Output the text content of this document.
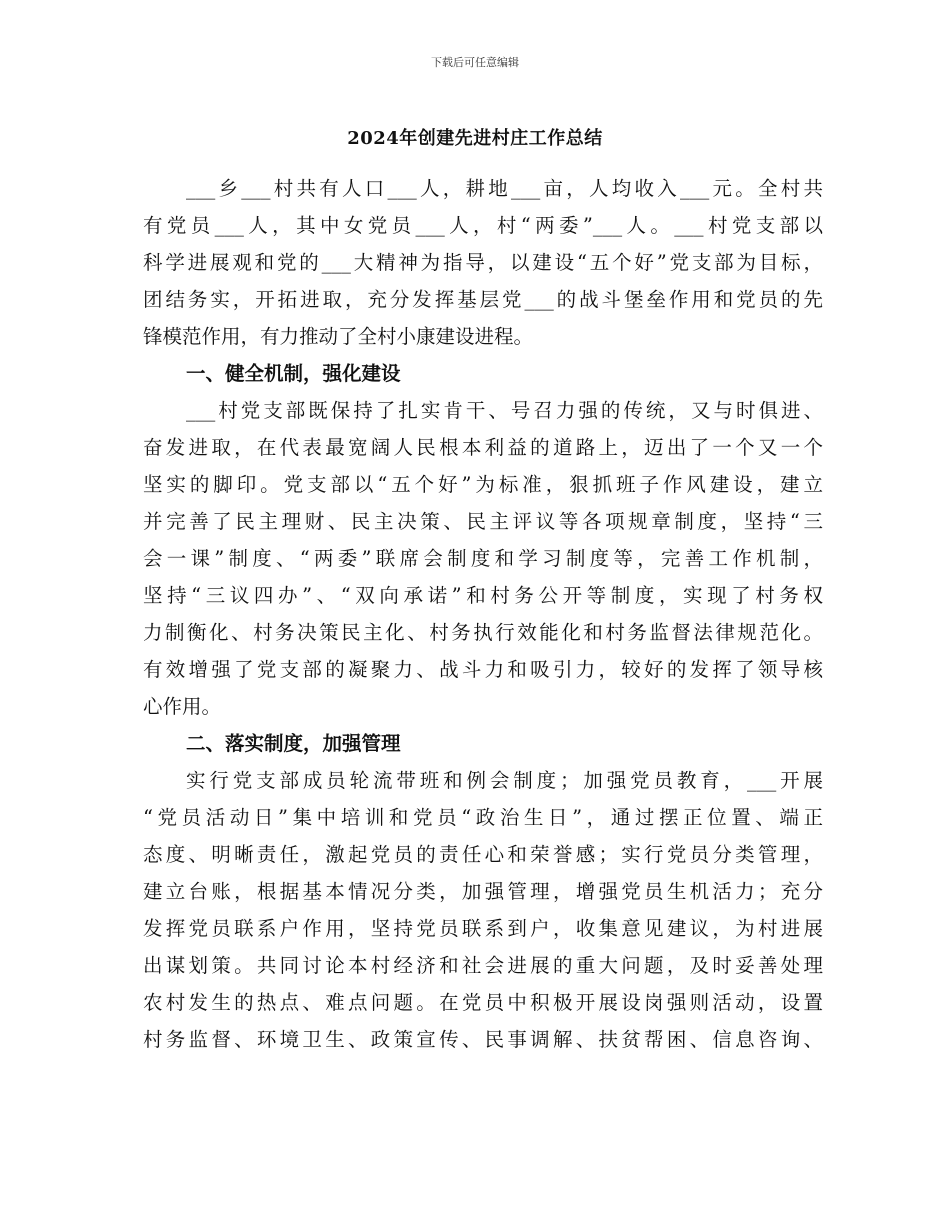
下载后可任意编辑
2024年创建先进村庄工作总结
___乡___村共有人口___人，耕地___亩，人均收入___元。全村共
有党员___人，其中女党员___人，村“两委”___人。___村党支部以
科学进展观和党的___大精神为指导，以建设“五个好”党支部为目标，
团结务实，开拓进取，充分发挥基层党___的战斗堡垒作用和党员的先
锋模范作用，有力推动了全村小康建设进程。
一、健全机制，强化建设
___村党支部既保持了扎实肯干、号召力强的传统，又与时俱进、
奋发进取，在代表最宽阔人民根本利益的道路上，迈出了一个又一个
坚实的脚印。党支部以“五个好”为标准，狠抓班子作风建设，建立
并完善了民主理财、民主决策、民主评议等各项规章制度，坚持“三
会一课”制度、“两委”联席会制度和学习制度等，完善工作机制，
坚持“三议四办”、“双向承诺”和村务公开等制度，实现了村务权
力制衡化、村务决策民主化、村务执行效能化和村务监督法律规范化。
有效增强了党支部的凝聚力、战斗力和吸引力，较好的发挥了领导核
心作用。
二、落实制度，加强管理
实行党支部成员轮流带班和例会制度；加强党员教育，___开展
“党员活动日”集中培训和党员“政治生日”，通过摆正位置、端正
态度、明晰责任，激起党员的责任心和荣誉感；实行党员分类管理，
建立台账，根据基本情况分类，加强管理，增强党员生机活力；充分
发挥党员联系户作用，坚持党员联系到户，收集意见建议，为村进展
出谋划策。共同讨论本村经济和社会进展的重大问题，及时妥善处理
农村发生的热点、难点问题。在党员中积极开展设岗强则活动，设置
村务监督、环境卫生、政策宣传、民事调解、扶贫帮困、信息咨询、
